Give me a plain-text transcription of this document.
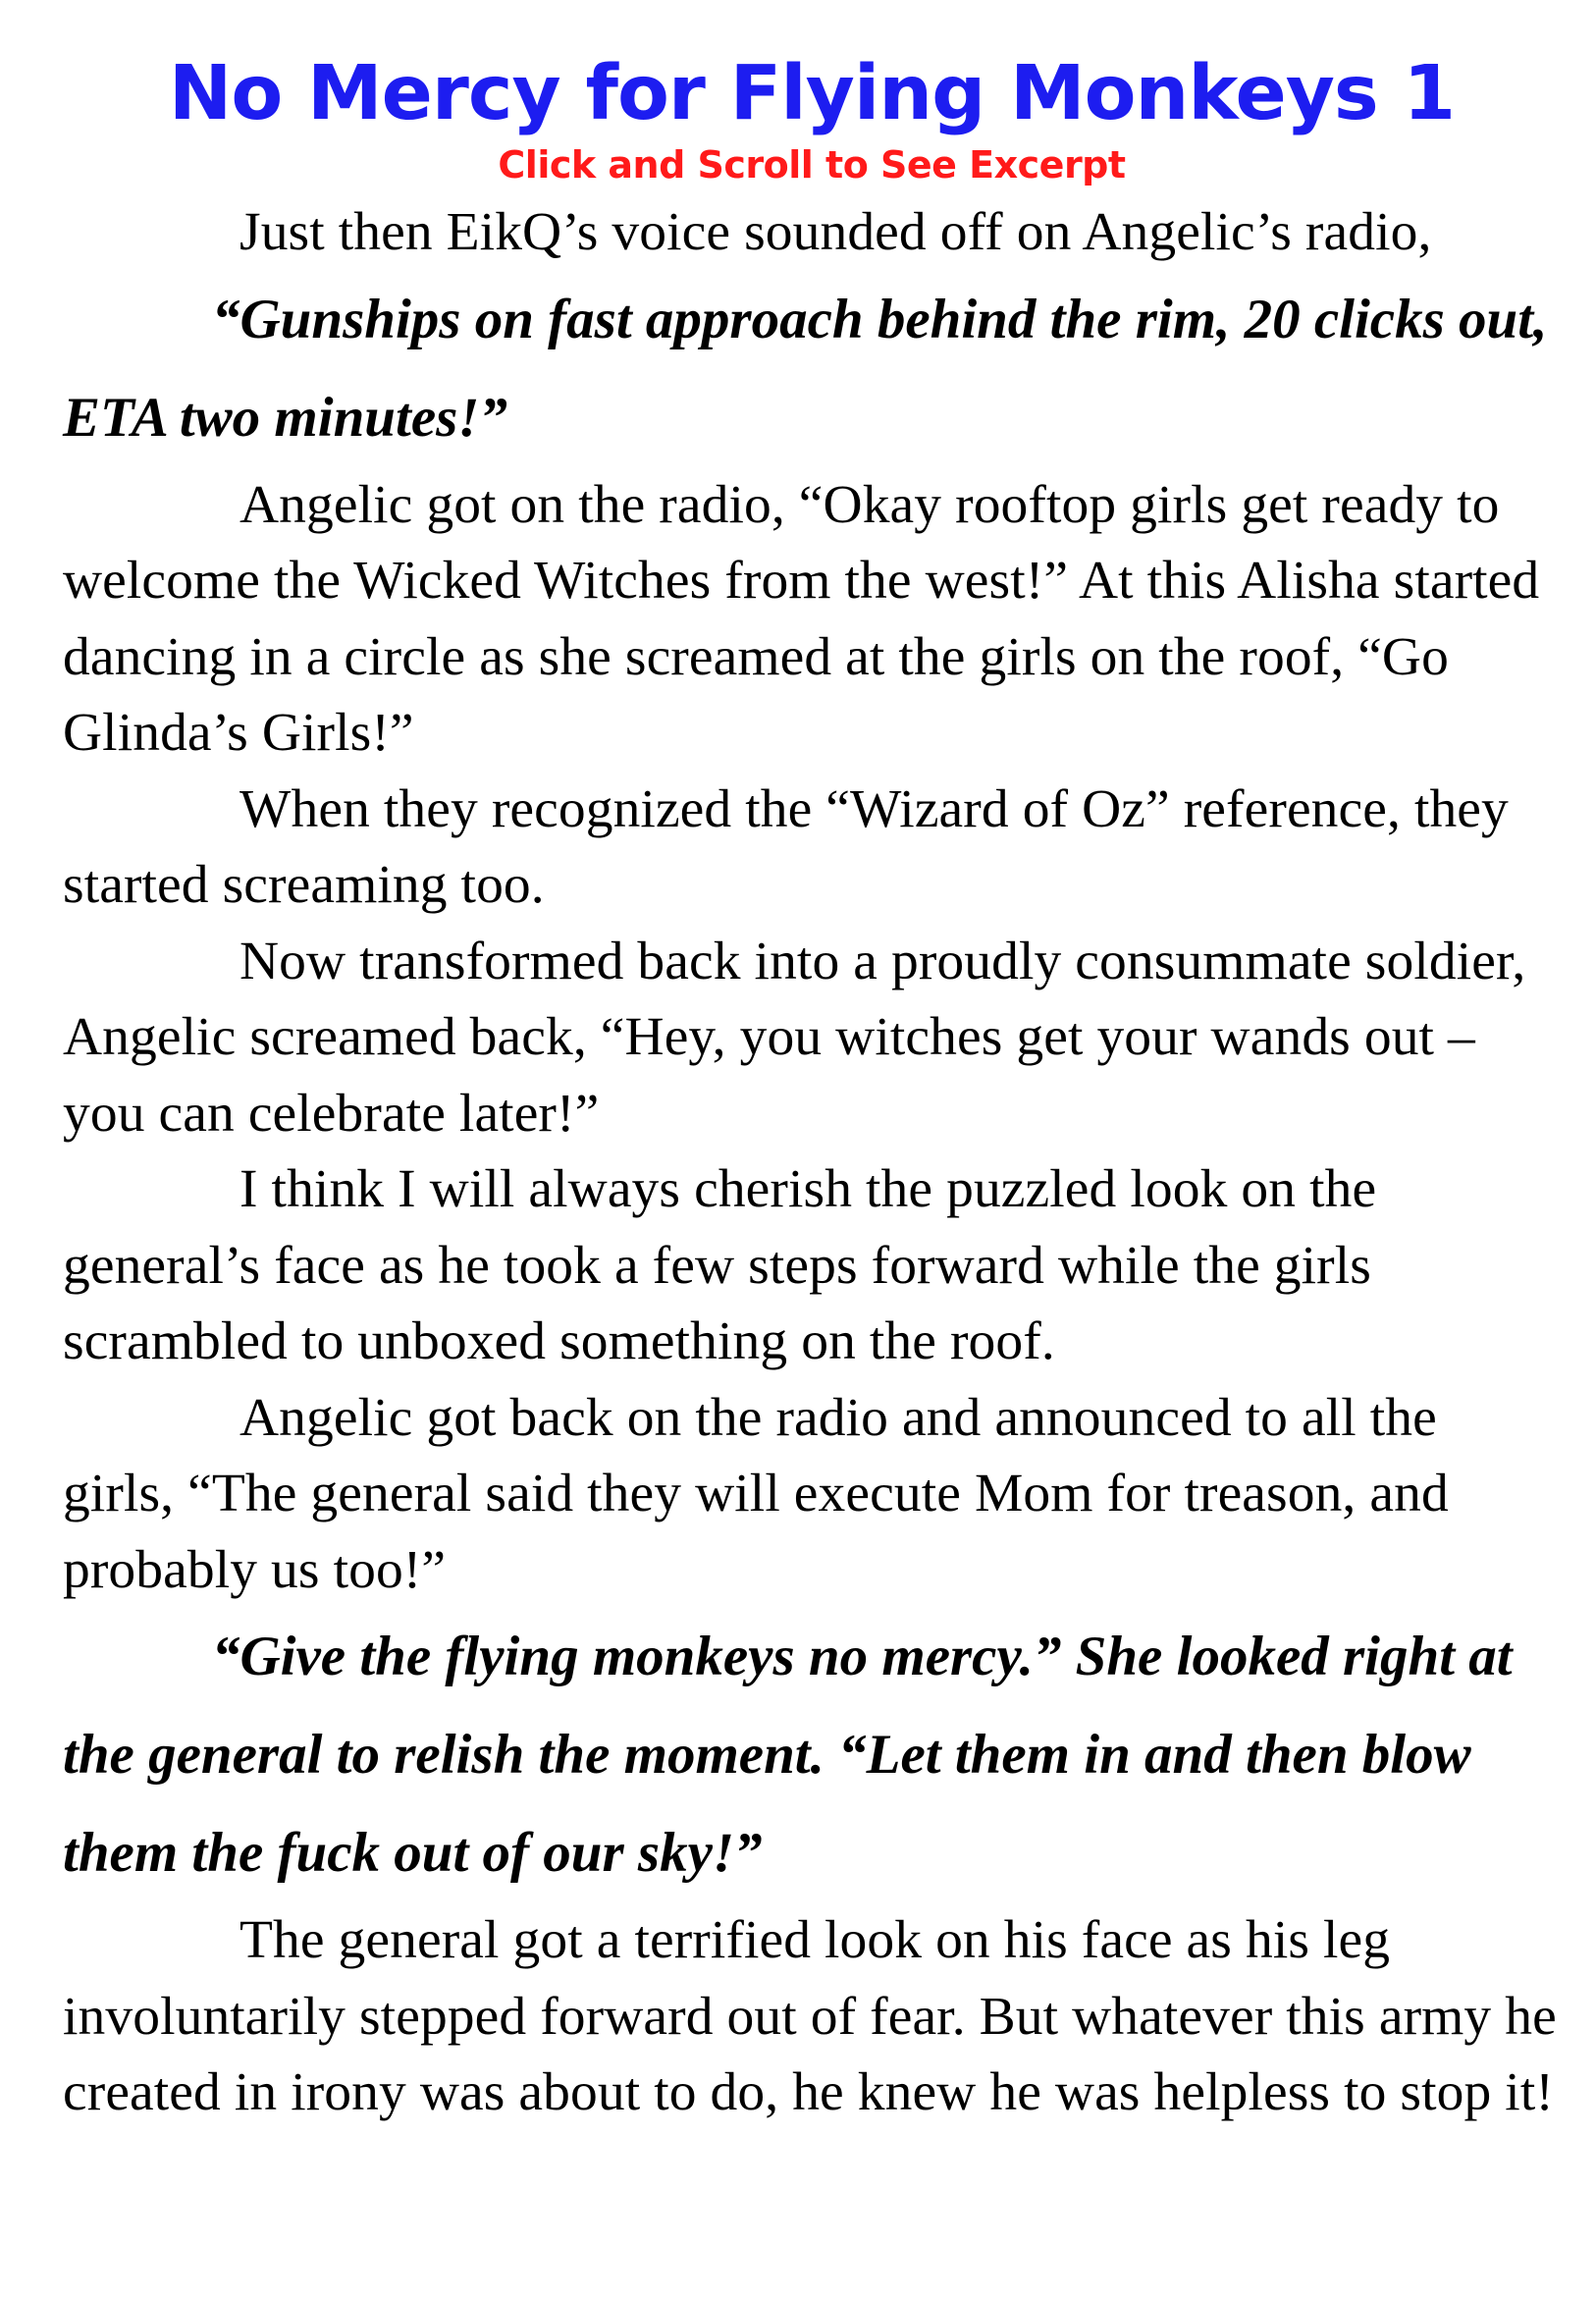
No Mercy for Flying Monkeys 1
Click and Scroll to See Excerpt

Just then EikQ’s voice sounded off on Angelic’s radio,

“Gunships on fast approach behind the rim, 20 clicks out, ETA two minutes!”

Angelic got on the radio, “Okay rooftop girls get ready to welcome the Wicked Witches from the west!” At this Alisha started dancing in a circle as she screamed at the girls on the roof, “Go Glinda’s Girls!”

When they recognized the “Wizard of Oz” reference, they started screaming too.

Now transformed back into a proudly consummate soldier, Angelic screamed back, “Hey, you witches get your wands out – you can celebrate later!”

I think I will always cherish the puzzled look on the general’s face as he took a few steps forward while the girls scrambled to unboxed something on the roof.

Angelic got back on the radio and announced to all the girls, “The general said they will execute Mom for treason, and probably us too!”

“Give the flying monkeys no mercy.” She looked right at the general to relish the moment. “Let them in and then blow them the fuck out of our sky!”

The general got a terrified look on his face as his leg involuntarily stepped forward out of fear. But whatever this army he created in irony was about to do, he knew he was helpless to stop it!
